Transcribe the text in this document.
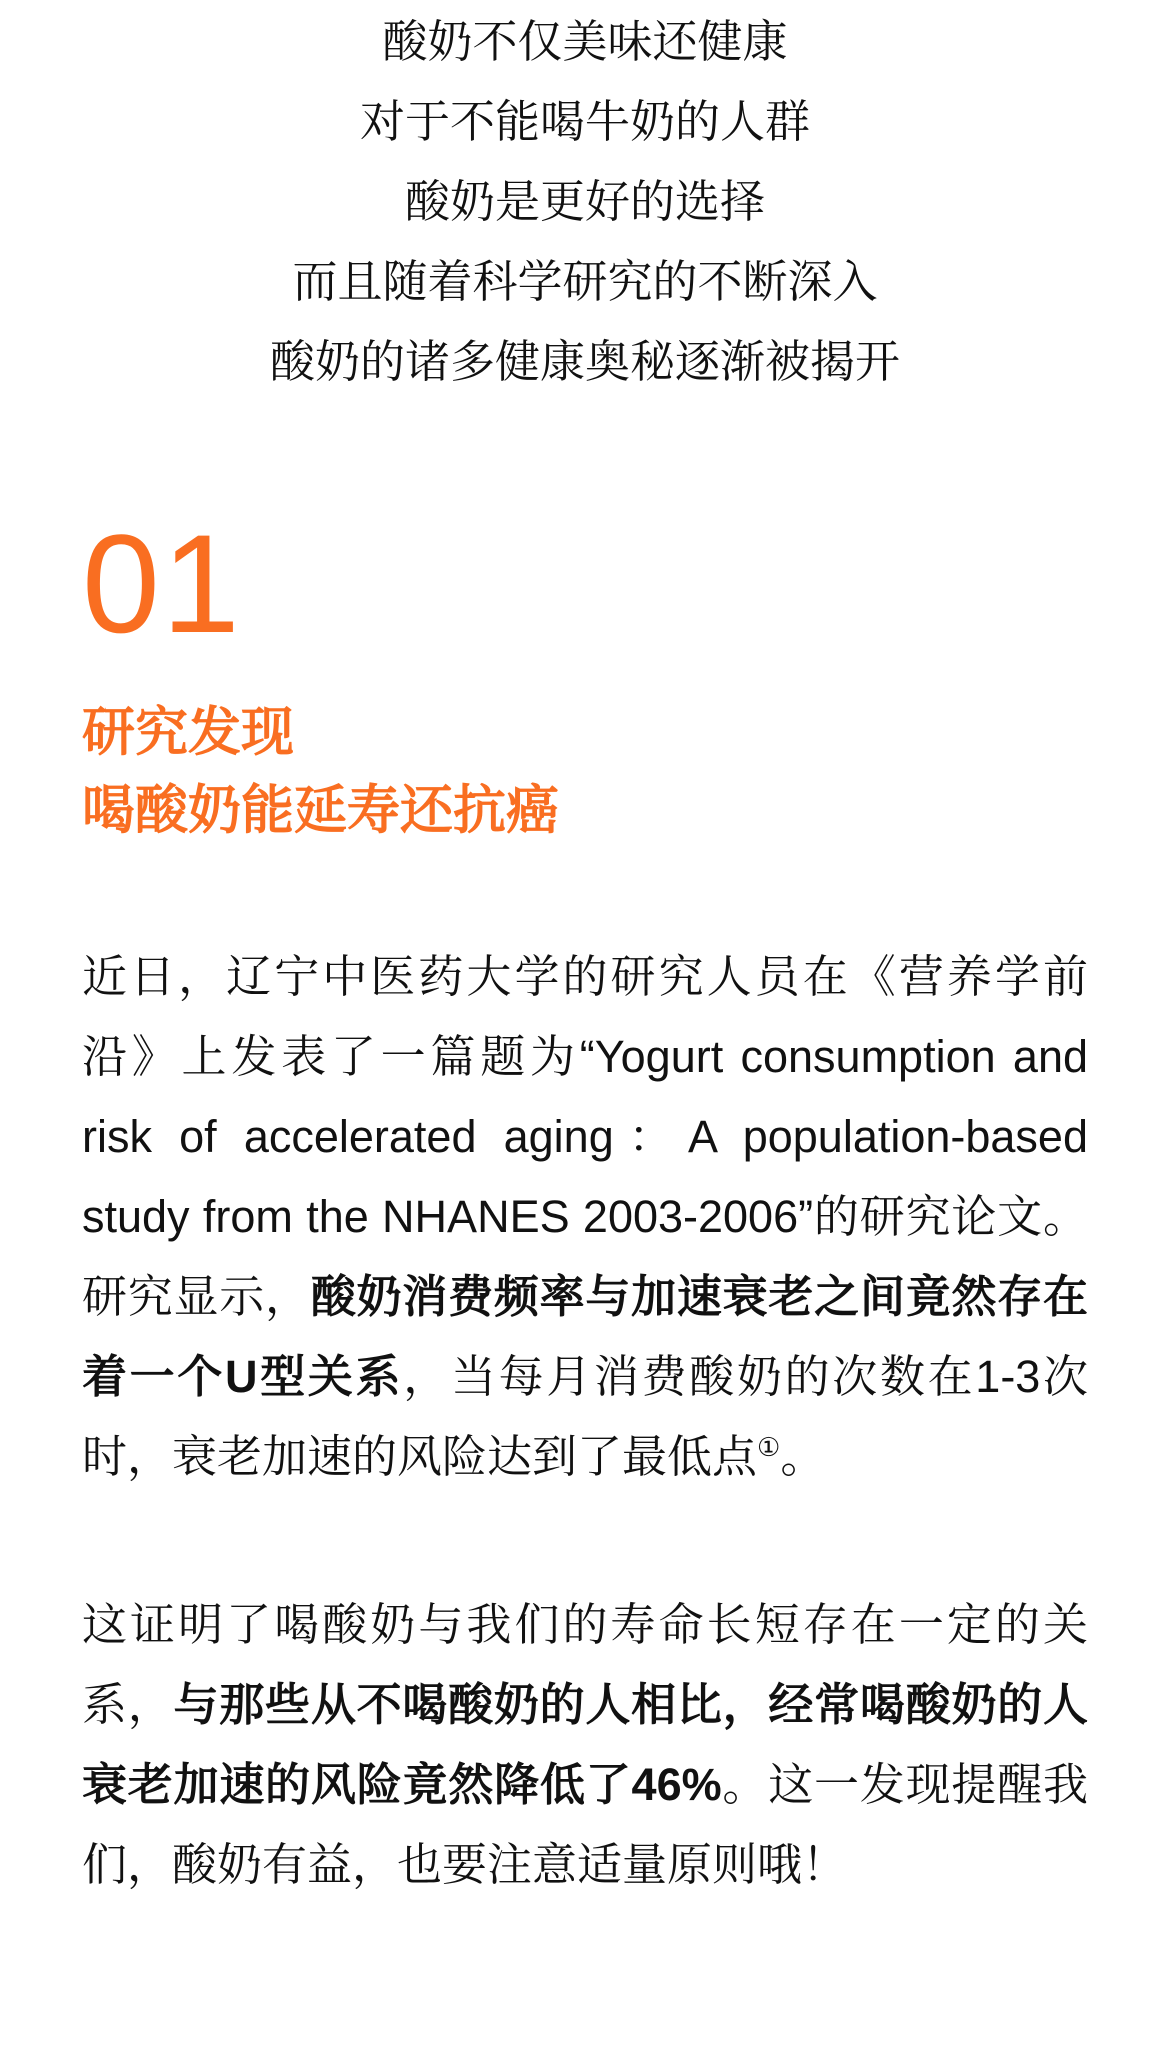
酸奶不仅美味还健康
对于不能喝牛奶的人群
酸奶是更好的选择
而且随着科学研究的不断深入
酸奶的诸多健康奥秘逐渐被揭开
01
研究发现
喝酸奶能延寿还抗癌

近日，辽宁中医药大学的研究人员在《营养学前沿》上发表了一篇题为“Yogurt consumption and risk of accelerated aging：A population-based study from the NHANES 2003-2006”的研究论文。研究显示，酸奶消费频率与加速衰老之间竟然存在着一个U型关系，当每月消费酸奶的次数在1-3次时，衰老加速的风险达到了最低点①。

这证明了喝酸奶与我们的寿命长短存在一定的关系，与那些从不喝酸奶的人相比，经常喝酸奶的人衰老加速的风险竟然降低了46%。这一发现提醒我们，酸奶有益，也要注意适量原则哦！
